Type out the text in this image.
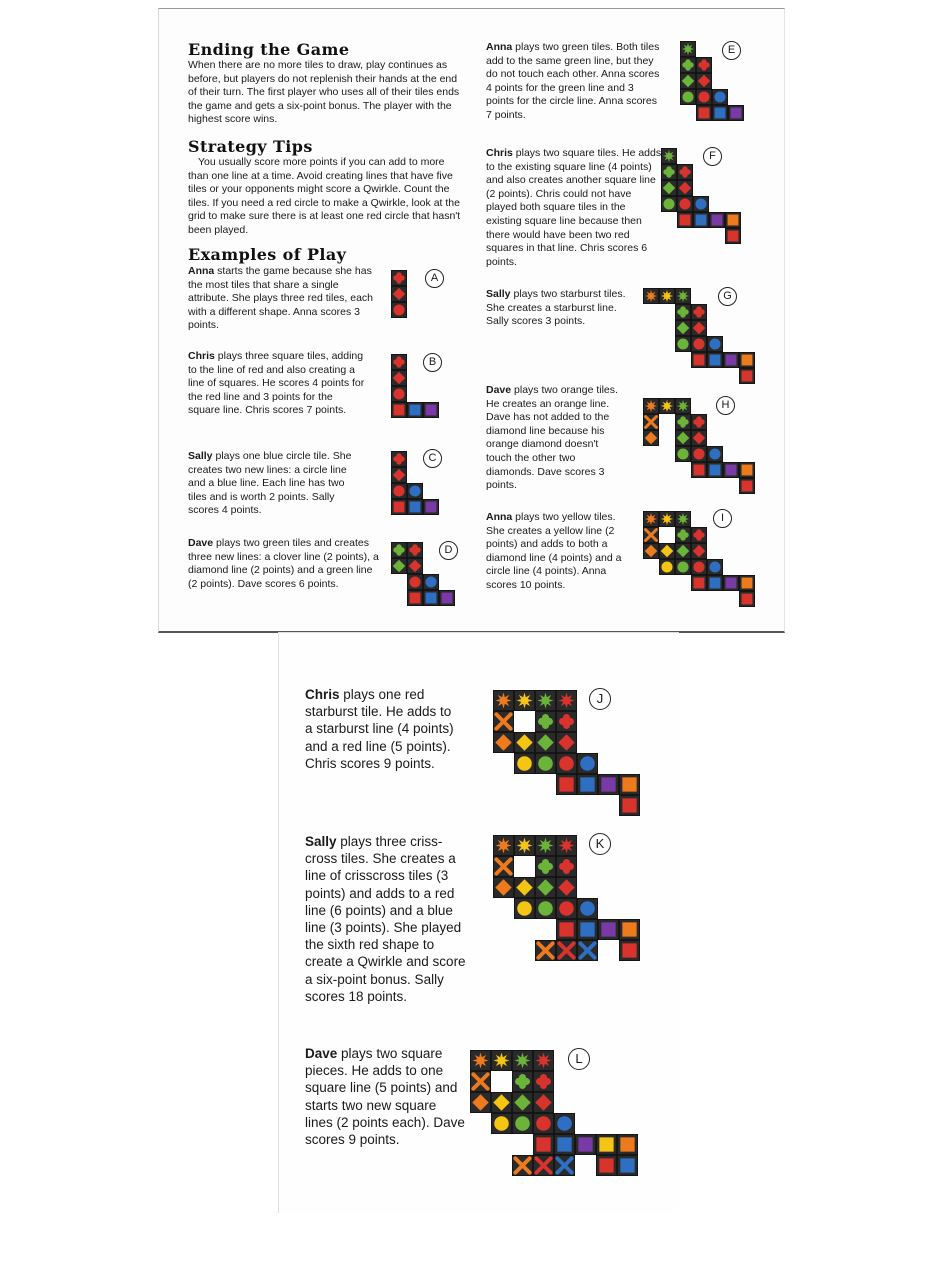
Ending the Game

When there are no more tiles to draw, play continues as before, but players do not replenish their hands at the end of their turn. The first player who uses all of their tiles ends the game and gets a six-point bonus. The player with the highest score wins.

Strategy Tips

You usually score more points if you can add to more than one line at a time. Avoid creating lines that have five tiles or your opponents might score a Qwirkle. Count the tiles. If you need a red circle to make a Qwirkle, look at the grid to make sure there is at least one red circle that hasn't been played.

Examples of Play

Anna starts the game because she has the most tiles that share a single attribute. She plays three red tiles, each with a different shape. Anna scores 3 points.

Chris plays three square tiles, adding to the line of red and also creating a line of squares. He scores 4 points for the red line and 3 points for the square line. Chris scores 7 points.

Sally plays one blue circle tile. She creates two new lines: a circle line and a blue line. Each line has two tiles and is worth 2 points. Sally scores 4 points.

Dave plays two green tiles and creates three new lines: a clover line (2 points), a diamond line (2 points) and a green line (2 points). Dave scores 6 points.

Anna plays two green tiles. Both tiles add to the same green line, but they do not touch each other. Anna scores 4 points for the green line and 3 points for the circle line. Anna scores 7 points.

Chris plays two square tiles. He adds to the existing square line (4 points) and also creates another square line (2 points). Chris could not have played both square tiles in the existing square line because then there would have been two red squares in that line. Chris scores 6 points.

Sally plays two starburst tiles. She creates a starburst line. Sally scores 3 points.

Dave plays two orange tiles. He creates an orange line. Dave has not added to the diamond line because his orange diamond doesn't touch the other two diamonds. Dave scores 3 points.

Anna plays two yellow tiles. She creates a yellow line (2 points) and adds to both a diamond line (4 points) and a circle line (4 points). Anna scores 10 points.

Chris plays one red starburst tile. He adds to a starburst line (4 points) and a red line (5 points). Chris scores 9 points.

Sally plays three criss-cross tiles. She creates a line of crisscross tiles (3 points) and adds to a red line (6 points) and a blue line (3 points). She played the sixth red shape to create a Qwirkle and score a six-point bonus. Sally scores 18 points.

Dave plays two square pieces. He adds to one square line (5 points) and starts two new square lines (2 points each). Dave scores 9 points.

A
B
C
D
E
F
G
H
I
J
K
L
